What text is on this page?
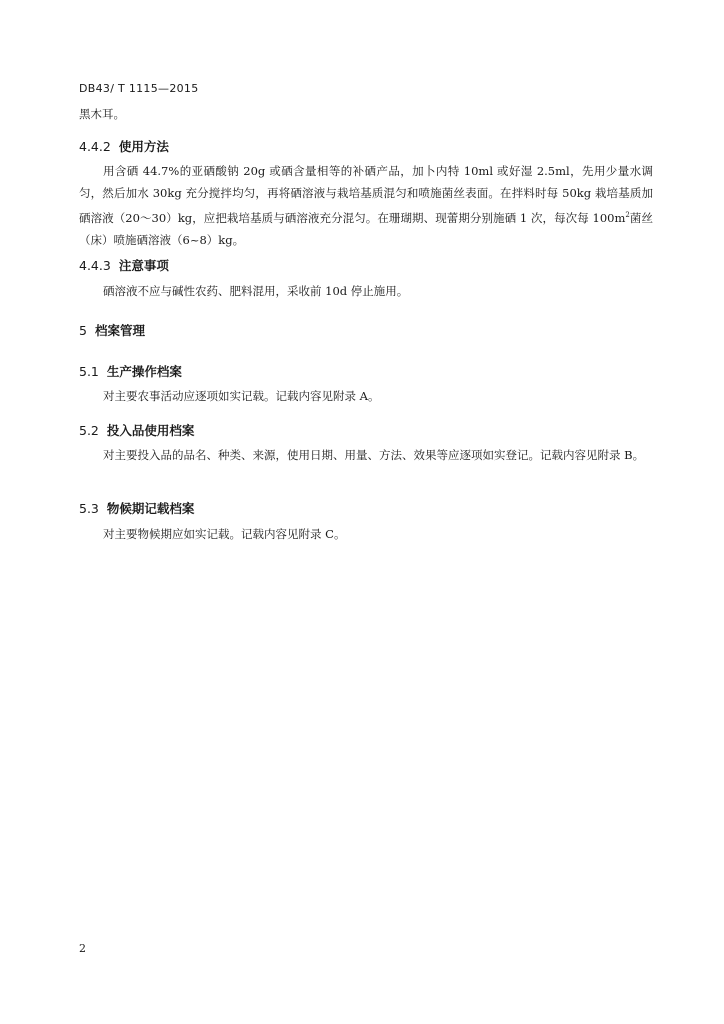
DB43/ T 1115—2015
黑木耳。
4.4.2 使用方法
用含硒 44.7%的亚硒酸钠 20g 或硒含量相等的补硒产品，加卜内特 10ml 或好湿 2.5ml，先用少量水调匀，然后加水 30kg 充分搅拌均匀，再将硒溶液与栽培基质混匀和喷施菌丝表面。在拌料时每 50kg 栽培基质加硒溶液（20～30）kg，应把栽培基质与硒溶液充分混匀。在珊瑚期、现蕾期分别施硒 1 次，每次每 $100m^2$菌丝（床）喷施硒溶液（6~8）kg。
4.4.3 注意事项
硒溶液不应与碱性农药、肥料混用，采收前 10d 停止施用。
5 档案管理
5.1 生产操作档案
对主要农事活动应逐项如实记载。记载内容见附录 A。
5.2 投入品使用档案
对主要投入品的品名、种类、来源，使用日期、用量、方法、效果等应逐项如实登记。记载内容见附录 B。
5.3 物候期记载档案
对主要物候期应如实记载。记载内容见附录 C。
2
